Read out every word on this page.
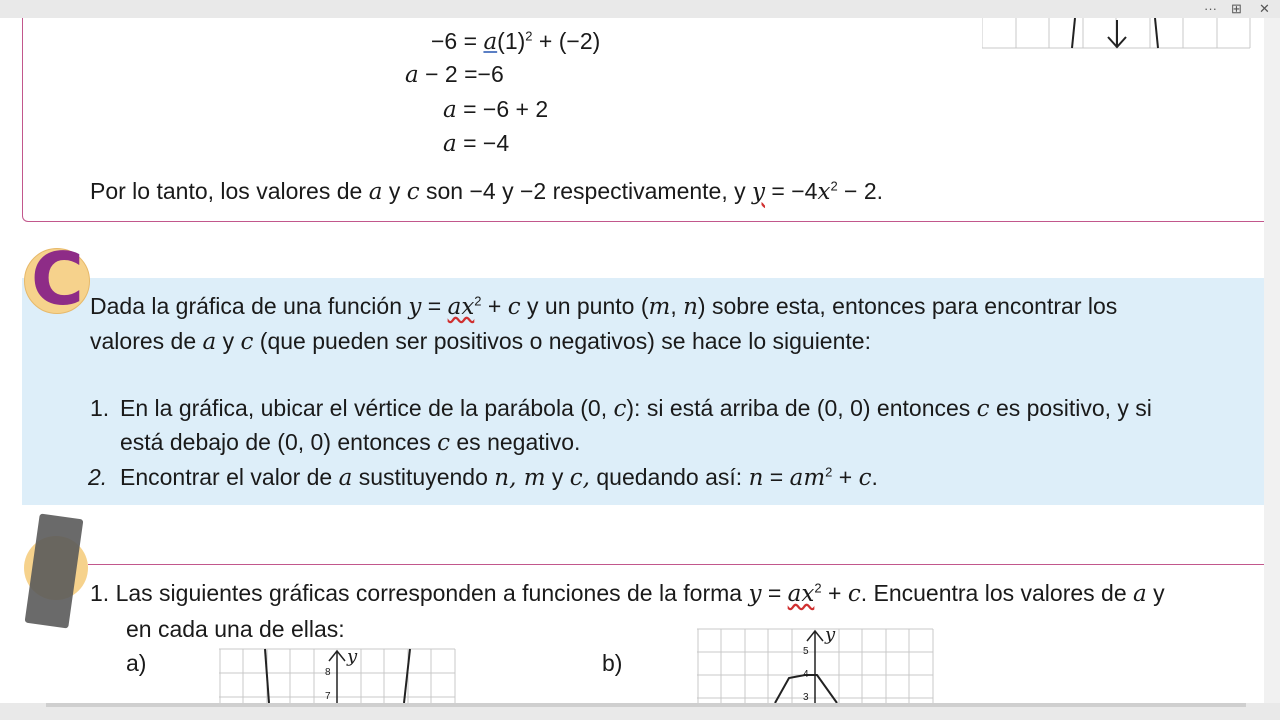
··· ⊞ ✕
$-6 = a(1)^2 + (-2)$
a − 2 =−6
a = −6 + 2
a = −4
Por lo tanto, los valores de a y c son −4 y −2 respectivamente, y $y = -4x^2 - 2$.
C Dada la gráfica de una función $y = ax^2 + c$ y un punto (m, n) sobre esta, entonces para encontrar los
valores de a y c (que pueden ser positivos o negativos) se hace lo siguiente:
1. En la gráfica, ubicar el vértice de la parábola (0, c): si está arriba de (0, 0) entonces c es positivo, y si
está debajo de (0, 0) entonces c es negativo.
2. Encontrar el valor de a sustituyendo n, m y c, quedando así: $n = am^2 + c$.
1. Las siguientes gráficas corresponden a funciones de la forma $y = ax^2 + c$. Encuentra los valores de a y
en cada una de ellas:
a)	b)
y
8
7
y
5
4
3
